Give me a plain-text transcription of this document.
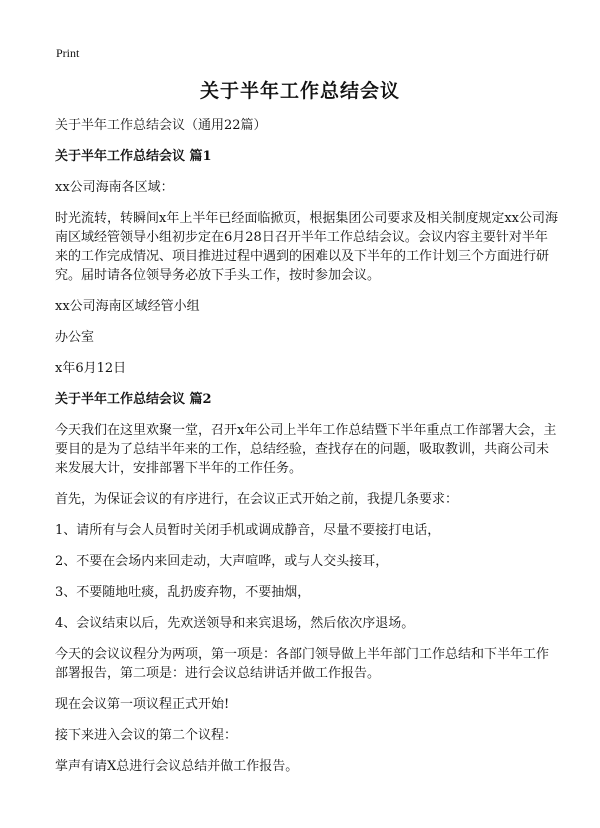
Print
关于半年工作总结会议

关于半年工作总结会议（通用22篇）

关于半年工作总结会议 篇1

xx公司海南各区域：

时光流转，转瞬间x年上半年已经面临掀页，根据集团公司要求及相关制度规定xx公司海南区域经管领导小组初步定在6月28日召开半年工作总结会议。会议内容主要针对半年来的工作完成情况、项目推进过程中遇到的困难以及下半年的工作计划三个方面进行研究。届时请各位领导务必放下手头工作，按时参加会议。

xx公司海南区域经管小组

办公室

x年6月12日

关于半年工作总结会议 篇2

今天我们在这里欢聚一堂，召开x年公司上半年工作总结暨下半年重点工作部署大会，主要目的是为了总结半年来的工作，总结经验，查找存在的问题，吸取教训，共商公司未来发展大计，安排部署下半年的工作任务。

首先，为保证会议的有序进行，在会议正式开始之前，我提几条要求：

1、请所有与会人员暂时关闭手机或调成静音，尽量不要接打电话，

2、不要在会场内来回走动，大声喧哗，或与人交头接耳，

3、不要随地吐痰，乱扔废弃物，不要抽烟，

4、会议结束以后，先欢送领导和来宾退场，然后依次序退场。

今天的会议议程分为两项，第一项是：各部门领导做上半年部门工作总结和下半年工作部署报告，第二项是：进行会议总结讲话并做工作报告。

现在会议第一项议程正式开始!

接下来进入会议的第二个议程：

掌声有请X总进行会议总结并做工作报告。
